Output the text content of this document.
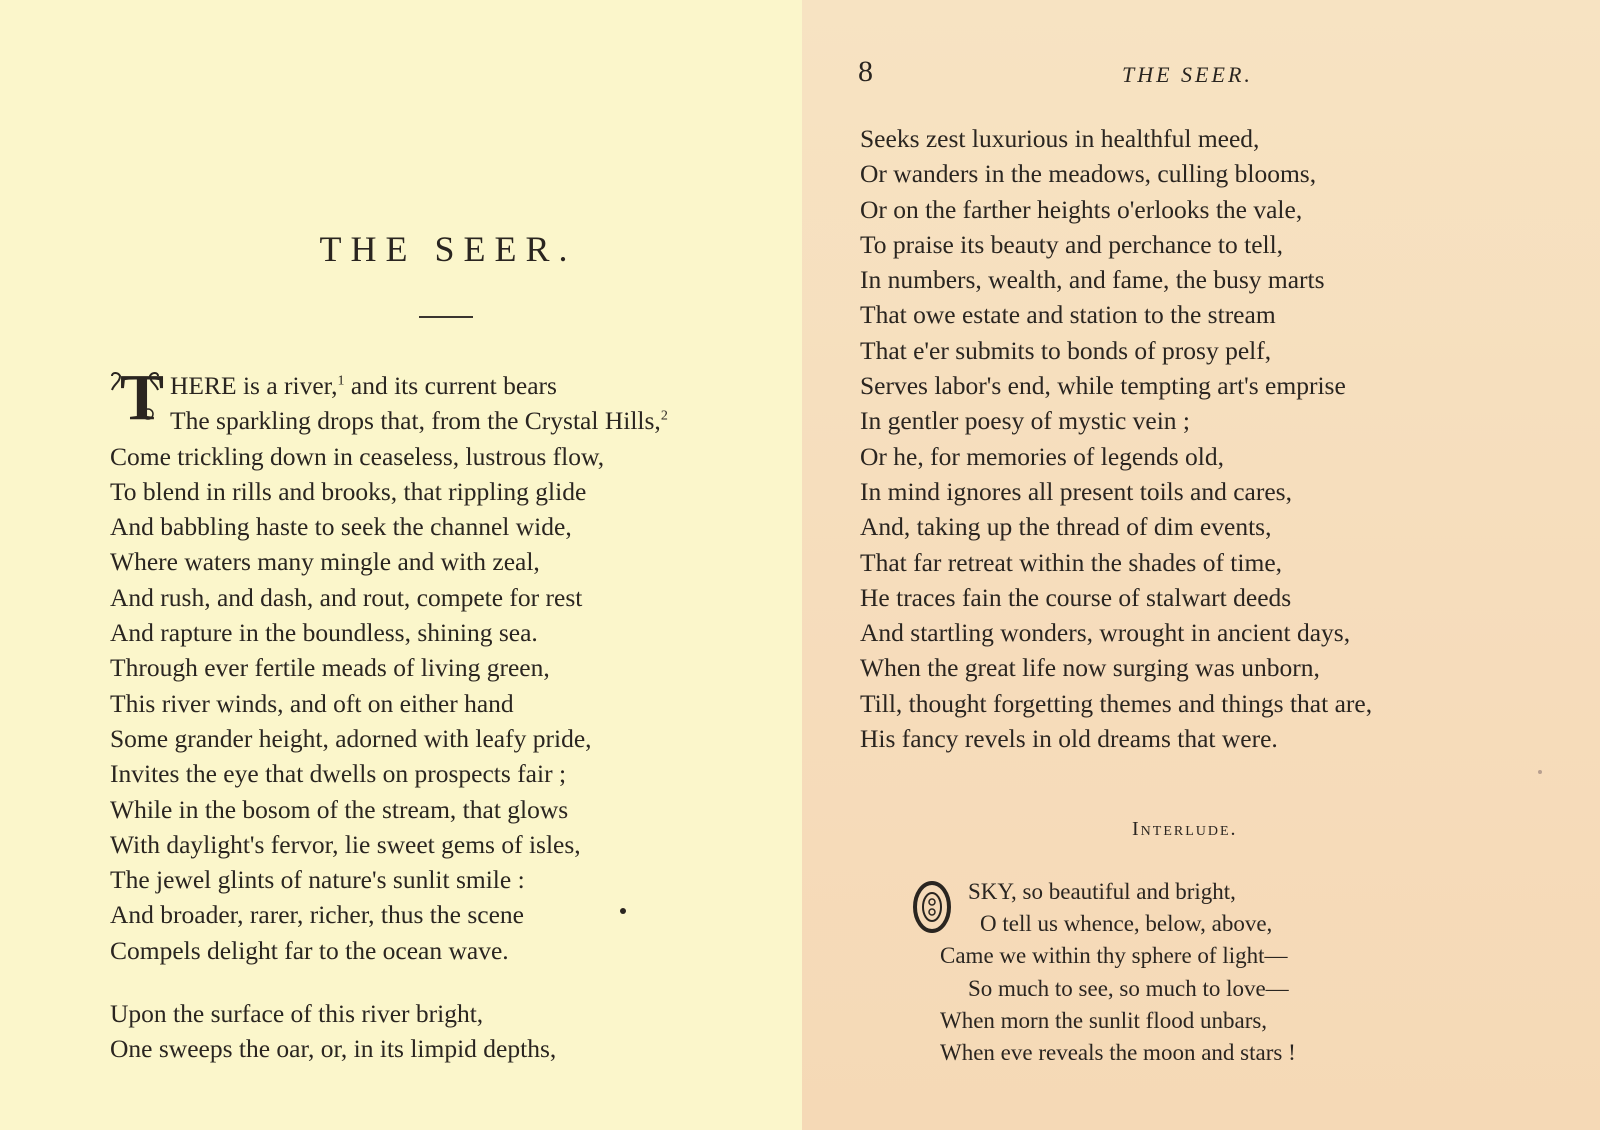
THE SEER.
T HERE is a river,$^1$ and its current bears
The sparkling drops that, from the Crystal Hills,$^2$
Come trickling down in ceaseless, lustrous flow,
To blend in rills and brooks, that rippling glide
And babbling haste to seek the channel wide,
Where waters many mingle and with zeal,
And rush, and dash, and rout, compete for rest
And rapture in the boundless, shining sea.
Through ever fertile meads of living green,
This river winds, and oft on either hand
Some grander height, adorned with leafy pride,
Invites the eye that dwells on prospects fair ;
While in the bosom of the stream, that glows
With daylight's fervor, lie sweet gems of isles,
The jewel glints of nature's sunlit smile :
And broader, rarer, richer, thus the scene
Compels delight far to the ocean wave.
Upon the surface of this river bright,
One sweeps the oar, or, in its limpid depths,
8	THE SEER.
Seeks zest luxurious in healthful meed,
Or wanders in the meadows, culling blooms,
Or on the farther heights o'erlooks the vale,
To praise its beauty and perchance to tell,
In numbers, wealth, and fame, the busy marts
That owe estate and station to the stream
That e'er submits to bonds of prosy pelf,
Serves labor's end, while tempting art's emprise
In gentler poesy of mystic vein ;
Or he, for memories of legends old,
In mind ignores all present toils and cares,
And, taking up the thread of dim events,
That far retreat within the shades of time,
He traces fain the course of stalwart deeds
And startling wonders, wrought in ancient days,
When the great life now surging was unborn,
Till, thought forgetting themes and things that are,
His fancy revels in old dreams that were.
Interlude.
SKY, so beautiful and bright,
O tell us whence, below, above,
Came we within thy sphere of light—
So much to see, so much to love—
When morn the sunlit flood unbars,
When eve reveals the moon and stars !
